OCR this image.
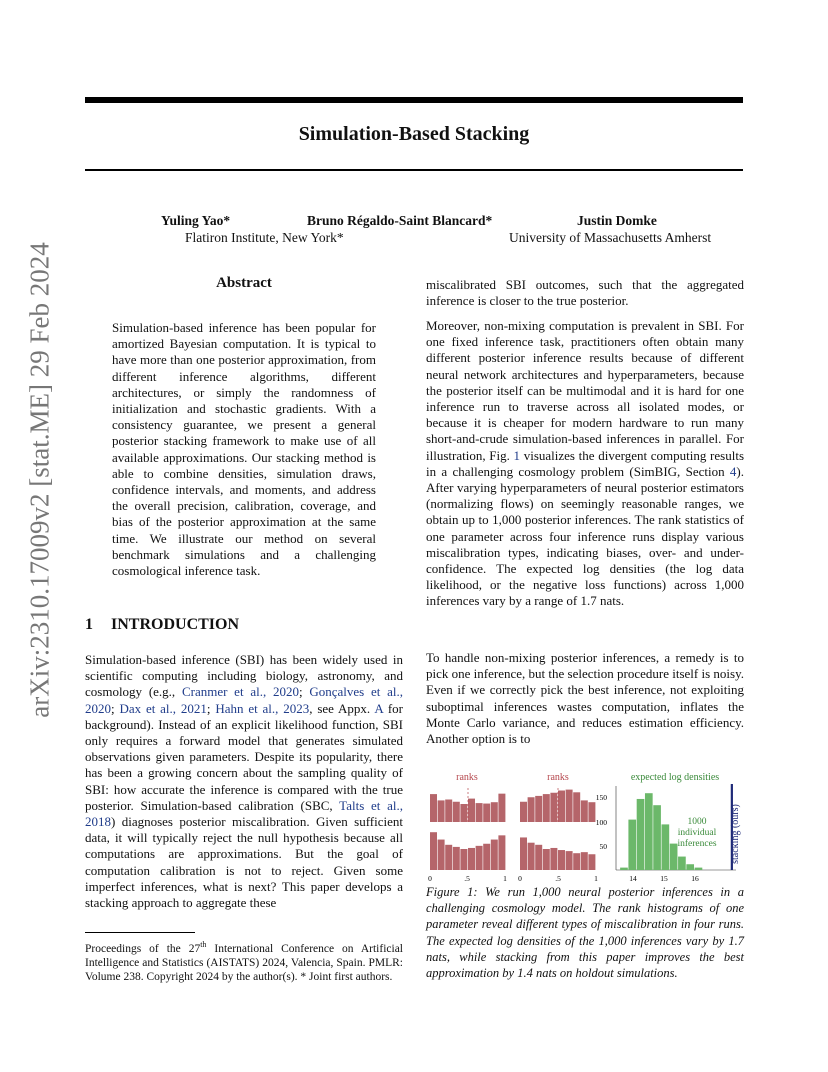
Simulation-Based Stacking
Yuling Yao*	Bruno Régaldo-Saint Blancard*	Justin Domke
Flatiron Institute, New York*	University of Massachusetts Amherst
arXiv:2310.17009v2 [stat.ME] 29 Feb 2024	Abstract
Simulation-based inference has been popular for amortized Bayesian computation. It is typical to have more than one posterior approximation, from different inference algorithms, different architectures, or simply the randomness of initialization and stochastic gradients. With a consistency guarantee, we present a general posterior stacking framework to make use of all available approximations. Our stacking method is able to combine densities, simulation draws, confidence intervals, and moments, and address the overall precision, calibration, coverage, and bias of the posterior approximation at the same time. We illustrate our method on several benchmark simulations and a challenging cosmological inference task.
1 INTRODUCTION
Simulation-based inference (SBI) has been widely used in scientific computing including biology, astronomy, and cosmology (e.g., Cranmer et al., 2020; Gonçalves et al., 2020; Dax et al., 2021; Hahn et al., 2023, see Appx. A for background). Instead of an explicit likelihood function, SBI only requires a forward model that generates simulated observations given parameters. Despite its popularity, there has been a growing concern about the sampling quality of SBI: how accurate the inference is compared with the true posterior. Simulation-based calibration (SBC, Talts et al., 2018) diagnoses posterior miscalibration. Given sufficient data, it will typically reject the null hypothesis because all computations are approximations. But the goal of computation calibration is not to reject. Given some imperfect inferences, what is next? This paper develops a stacking approach to aggregate these
Proceedings of the 27th International Conference on Artificial Intelligence and Statistics (AISTATS) 2024, Valencia, Spain. PMLR: Volume 238. Copyright 2024 by the author(s). * Joint first authors.
miscalibrated SBI outcomes, such that the aggregated inference is closer to the true posterior.
Moreover, non-mixing computation is prevalent in SBI. For one fixed inference task, practitioners often obtain many different posterior inference results because of different neural network architectures and hyperparameters, because the posterior itself can be multimodal and it is hard for one inference run to traverse across all isolated modes, or because it is cheaper for modern hardware to run many short-and-crude simulation-based inferences in parallel. For illustration, Fig. 1 visualizes the divergent computing results in a challenging cosmology problem (SimBIG, Section 4). After varying hyperparameters of neural posterior estimators (normalizing flows) on seemingly reasonable ranges, we obtain up to 1,000 posterior inferences. The rank statistics of one parameter across four inference runs display various miscalibration types, indicating biases, over- and under-confidence. The expected log densities (the log data likelihood, or the negative loss functions) across 1,000 inferences vary by a range of 1.7 nats.
To handle non-mixing posterior inferences, a remedy is to pick one inference, but the selection procedure itself is noisy. Even if we correctly pick the best inference, not exploiting suboptimal inferences wastes computation, inflates the Monte Carlo variance, and reduces estimation efficiency. Another option is to
ranks	ranks	expected log densities
1000
individual
inferences stacking (ours)
150
100
50
0	.5	1 0	.5	1	14	15	16
Figure 1: We run 1,000 neural posterior inferences in a challenging cosmology model. The rank histograms of one parameter reveal different types of miscalibration in four runs. The expected log densities of the 1,000 inferences vary by 1.7 nats, while stacking from this paper improves the best approximation by 1.4 nats on holdout simulations.
